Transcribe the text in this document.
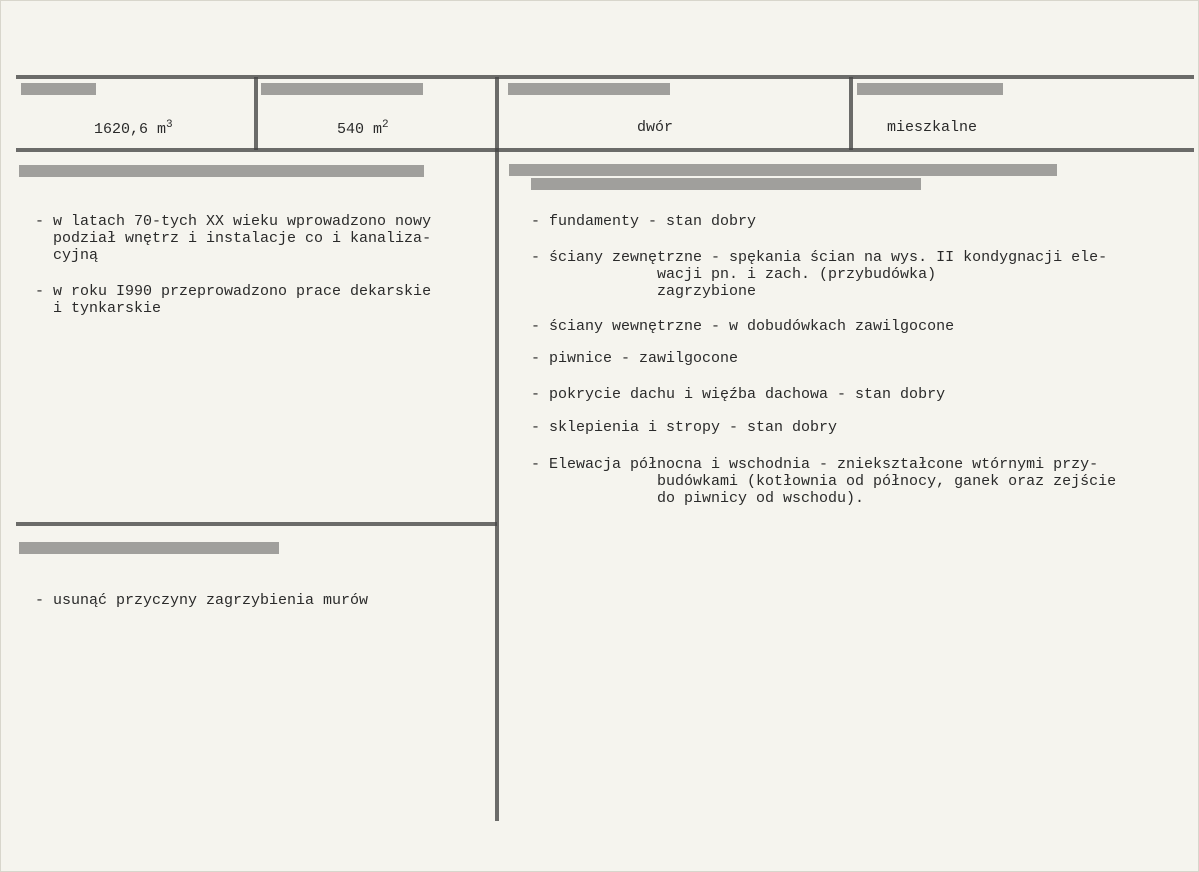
1620,6 $m^3$	540 $m^2$	dwór	mieszkalne
- w latach 70-tych XX wieku wprowadzono nowy
podział wnętrz i instalacje co i kanaliza-
cyjną
- w roku I990 przeprowadzono prace dekarskie
i tynkarskie
- usunąć przyczyny zagrzybienia murów
- fundamenty - stan dobry
- ściany zewnętrzne - spękania ścian na wys. II kondygnacji ele-
wacji pn. i zach. (przybudówka)
zagrzybione
- ściany wewnętrzne - w dobudówkach zawilgocone
- piwnice - zawilgocone
- pokrycie dachu i więźba dachowa - stan dobry
- sklepienia i stropy - stan dobry
- Elewacja północna i wschodnia - zniekształcone wtórnymi przy-
budówkami (kotłownia od północy, ganek oraz zejście
do piwnicy od wschodu).
